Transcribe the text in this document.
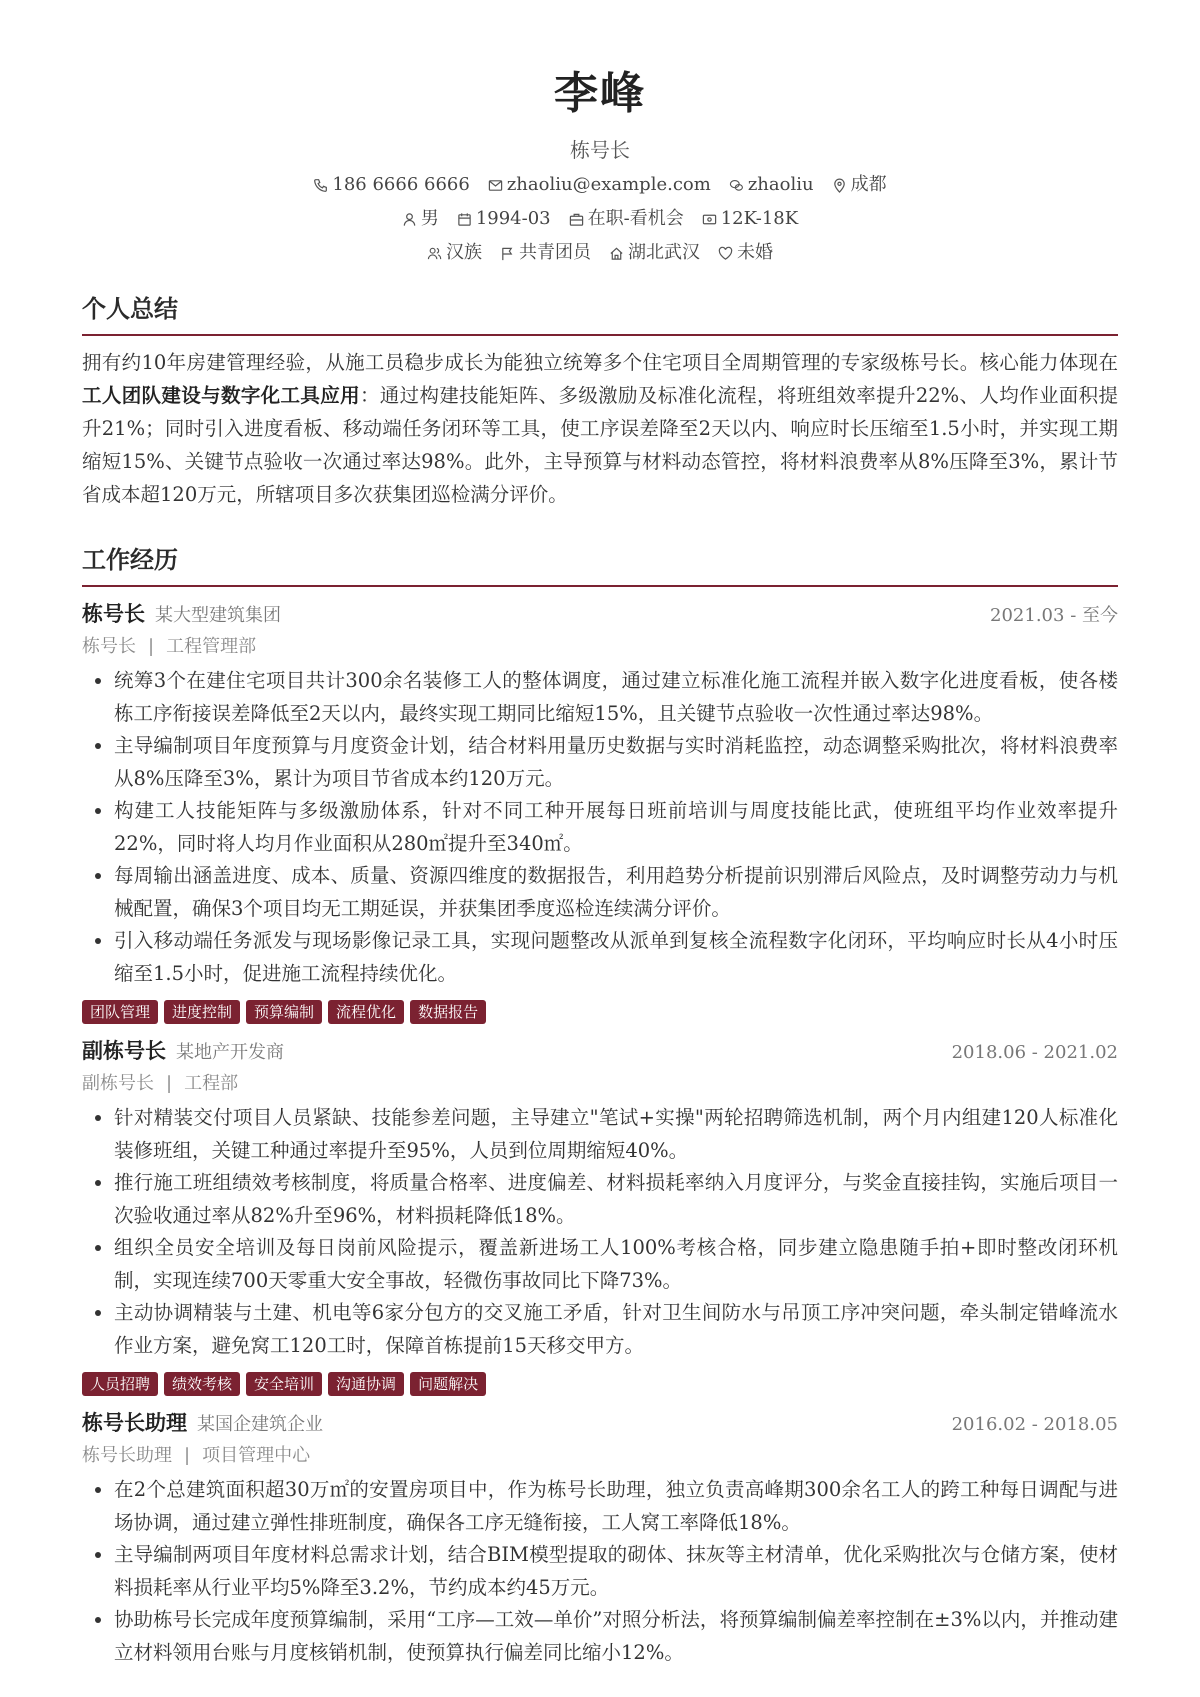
李峰
栋号长
186 6666 6666 zhaoliu@example.com zhaoliu 成都
男 1994-03 在职-看机会 12K-18K
汉族 共青团员 湖北武汉 未婚
个人总结
拥有约10年房建管理经验，从施工员稳步成长为能独立统筹多个住宅项目全周期管理的专家级栋号长。核心能力体现在工人团队建设与数字化工具应用：通过构建技能矩阵、多级激励及标准化流程，将班组效率提升22%、人均作业面积提升21%；同时引入进度看板、移动端任务闭环等工具，使工序误差降至2天以内、响应时长压缩至1.5小时，并实现工期缩短15%、关键节点验收一次通过率达98%。此外，主导预算与材料动态管控，将材料浪费率从8%压降至3%，累计节省成本超120万元，所辖项目多次获集团巡检满分评价。
工作经历
栋号长 某大型建筑集团	2021.03 - 至今
栋号长 | 工程管理部
• 统筹3个在建住宅项目共计300余名装修工人的整体调度，通过建立标准化施工流程并嵌入数字化进度看板，使各楼栋工序衔接误差降低至2天以内，最终实现工期同比缩短15%，且关键节点验收一次性通过率达98%。
• 主导编制项目年度预算与月度资金计划，结合材料用量历史数据与实时消耗监控，动态调整采购批次，将材料浪费率从8%压降至3%，累计为项目节省成本约120万元。
• 构建工人技能矩阵与多级激励体系，针对不同工种开展每日班前培训与周度技能比武，使班组平均作业效率提升22%，同时将人均月作业面积从280㎡提升至340㎡。
• 每周输出涵盖进度、成本、质量、资源四维度的数据报告，利用趋势分析提前识别滞后风险点，及时调整劳动力与机械配置，确保3个项目均无工期延误，并获集团季度巡检连续满分评价。
• 引入移动端任务派发与现场影像记录工具，实现问题整改从派单到复核全流程数字化闭环，平均响应时长从4小时压缩至1.5小时，促进施工流程持续优化。
团队管理	进度控制	预算编制	流程优化	数据报告
副栋号长 某地产开发商	2018.06 - 2021.02
副栋号长 | 工程部
• 针对精装交付项目人员紧缺、技能参差问题，主导建立"笔试+实操"两轮招聘筛选机制，两个月内组建120人标准化装修班组，关键工种通过率提升至95%，人员到位周期缩短40%。
• 推行施工班组绩效考核制度，将质量合格率、进度偏差、材料损耗率纳入月度评分，与奖金直接挂钩，实施后项目一次验收通过率从82%升至96%，材料损耗降低18%。
• 组织全员安全培训及每日岗前风险提示，覆盖新进场工人100%考核合格，同步建立隐患随手拍+即时整改闭环机制，实现连续700天零重大安全事故，轻微伤事故同比下降73%。
• 主动协调精装与土建、机电等6家分包方的交叉施工矛盾，针对卫生间防水与吊顶工序冲突问题，牵头制定错峰流水作业方案，避免窝工120工时，保障首栋提前15天移交甲方。
人员招聘	绩效考核	安全培训	沟通协调	问题解决
栋号长助理 某国企建筑企业	2016.02 - 2018.05
栋号长助理 | 项目管理中心
• 在2个总建筑面积超30万㎡的安置房项目中，作为栋号长助理，独立负责高峰期300余名工人的跨工种每日调配与进场协调，通过建立弹性排班制度，确保各工序无缝衔接，工人窝工率降低18%。
• 主导编制两项目年度材料总需求计划，结合BIM模型提取的砌体、抹灰等主材清单，优化采购批次与仓储方案，使材料损耗率从行业平均5%降至3.2%，节约成本约45万元。
• 协助栋号长完成年度预算编制，采用“工序—工效—单价”对照分析法，将预算编制偏差率控制在±3%以内，并推动建立材料领用台账与月度核销机制，使预算执行偏差同比缩小12%。
